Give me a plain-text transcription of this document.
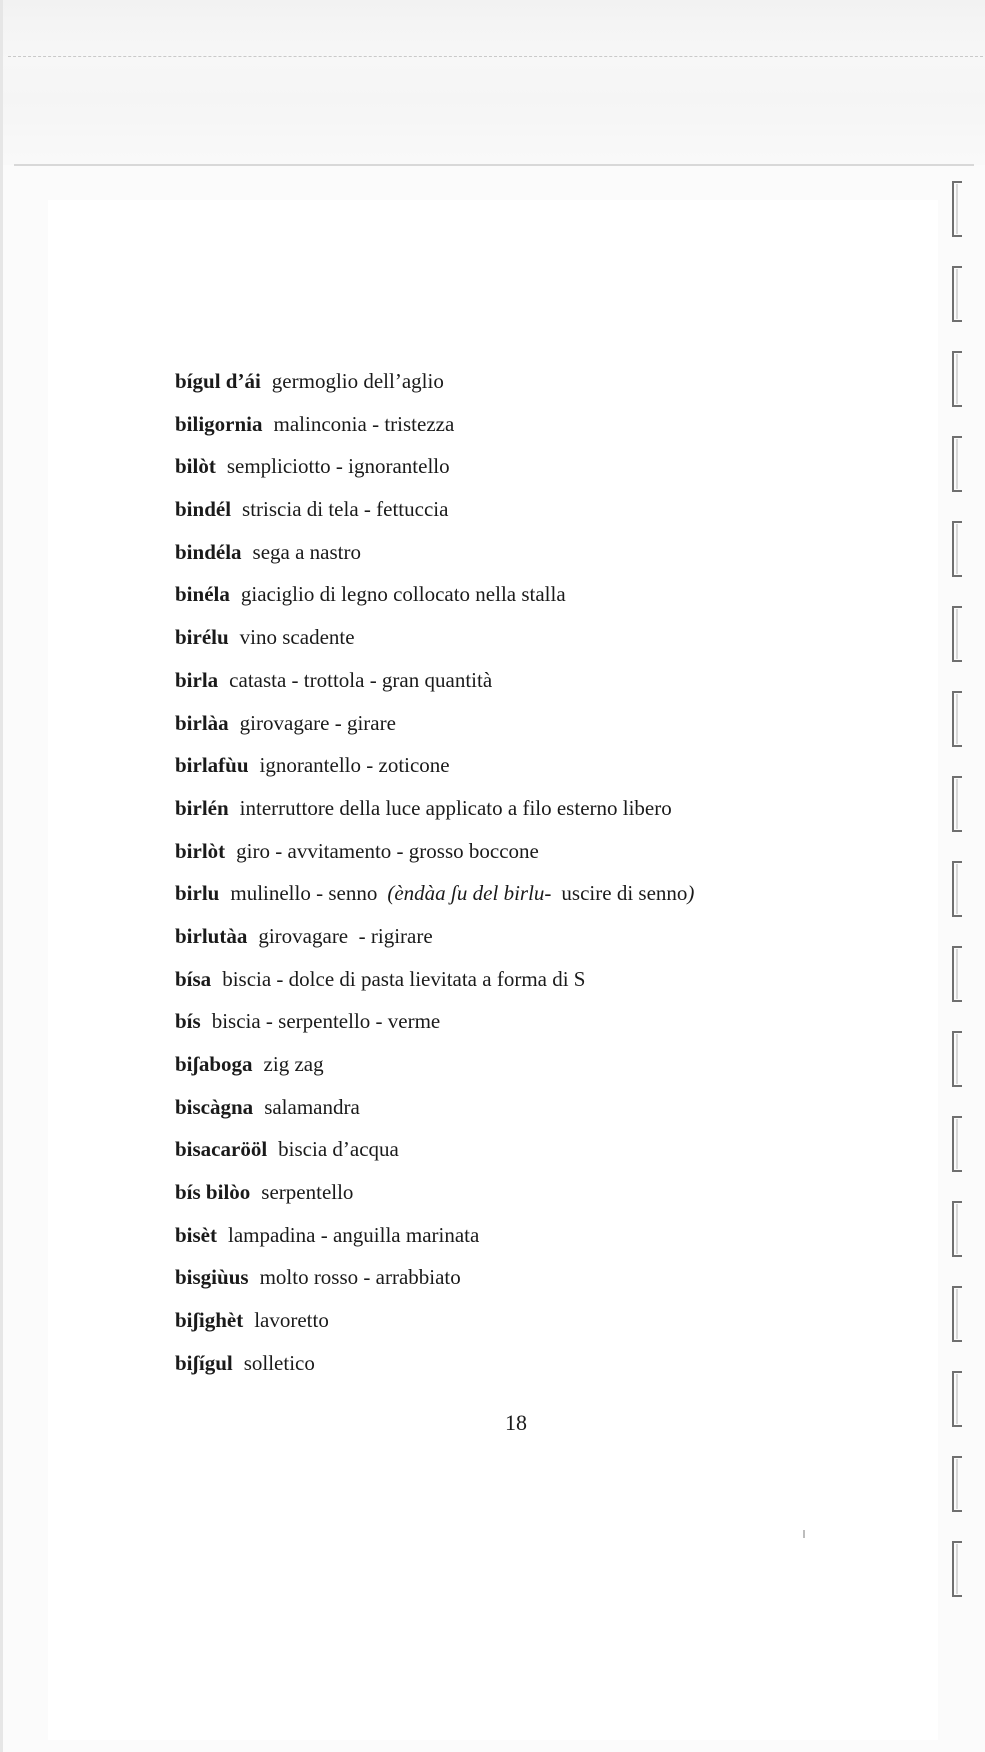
bígul d’ái germoglio dell’aglio
biligornia malinconia - tristezza
bilòt sempliciotto - ignorantello
bindél striscia di tela - fettuccia
bindéla sega a nastro
binéla giaciglio di legno collocato nella stalla
birélu vino scadente
birla catasta - trottola - gran quantità
birlàa girovagare - girare
birlafùu ignorantello - zoticone
birlén interruttore della luce applicato a filo esterno libero
birlòt giro - avvitamento - grosso boccone
birlu mulinello - senno (èndàa ʃu del birlu- uscire di senno)
birlutàa girovagare  - rigirare
bísa biscia - dolce di pasta lievitata a forma di S
bís biscia - serpentello - verme
biʃaboga zig zag
biscàgna salamandra
bisacarööl biscia d’acqua
bís bilòo serpentello
bisèt lampadina - anguilla marinata
bisgiùus molto rosso - arrabbiato
biʃighèt lavoretto
biʃígul solletico
18
